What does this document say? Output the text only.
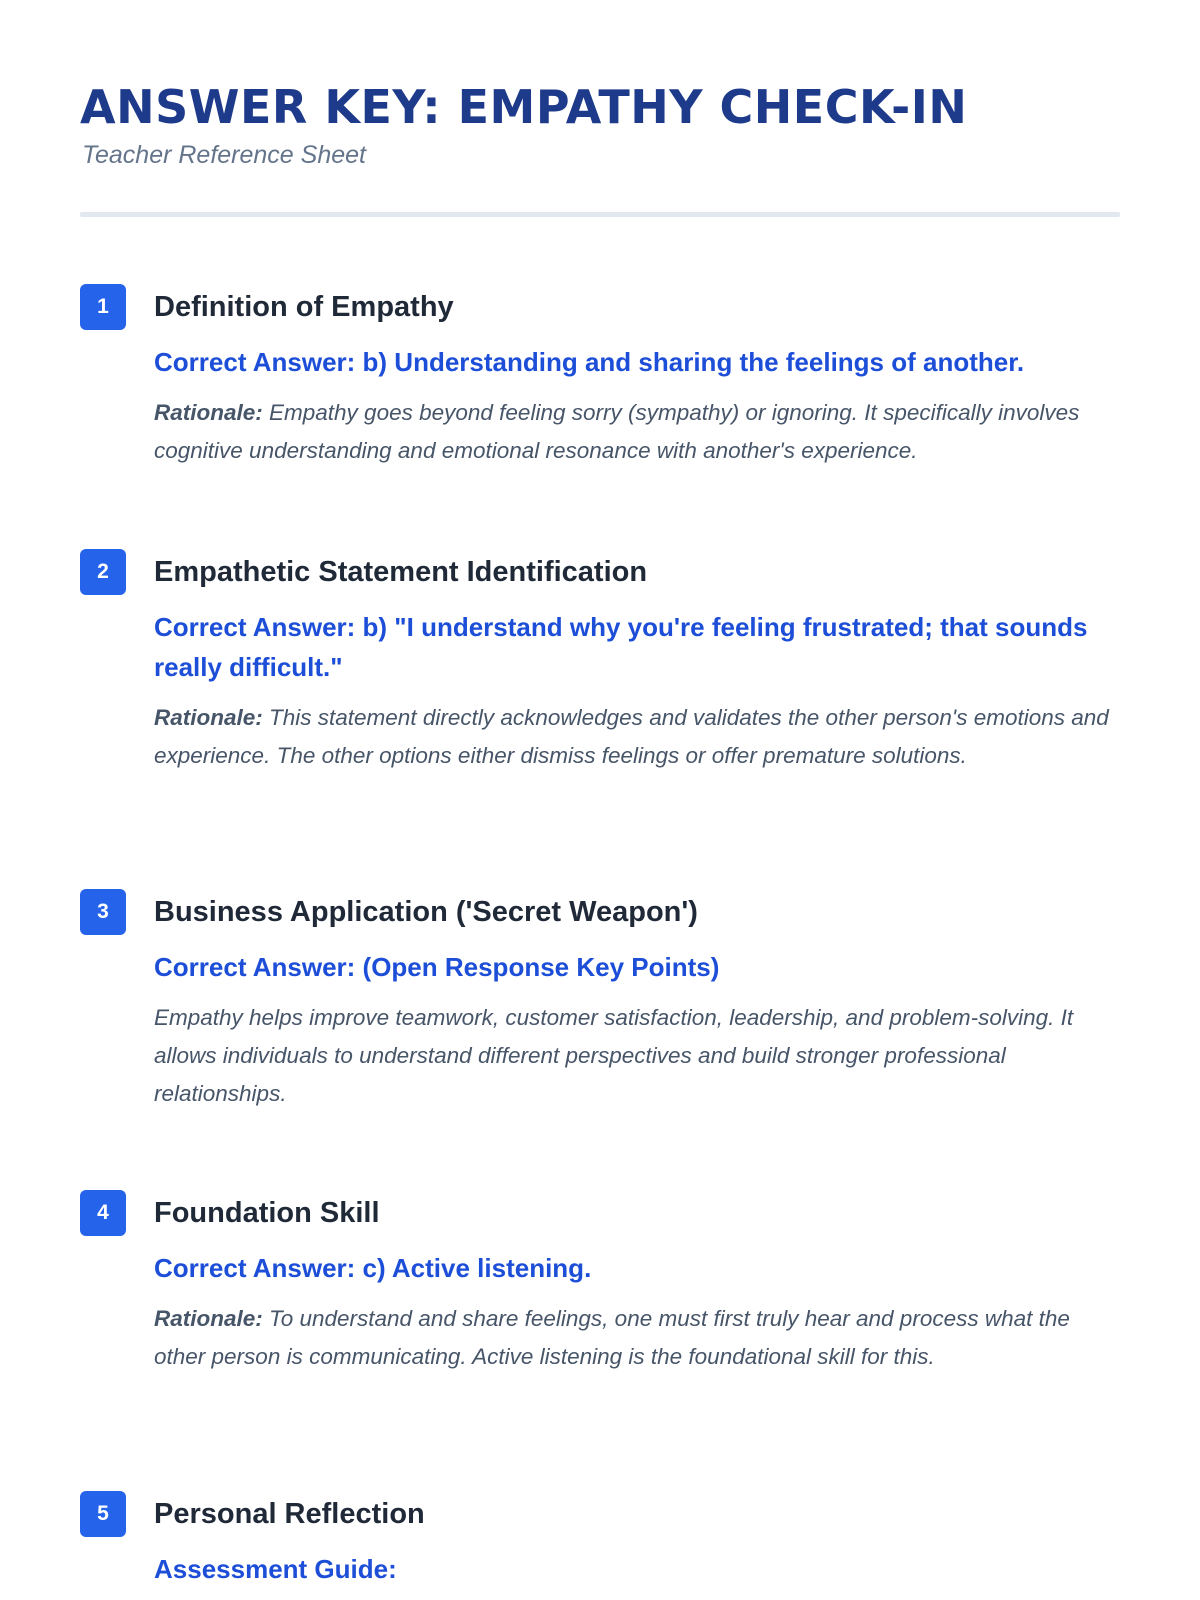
ANSWER KEY: EMPATHY CHECK-IN
Teacher Reference Sheet
1	Definition of Empathy
Correct Answer: b) Understanding and sharing the feelings of another.
Rationale: Empathy goes beyond feeling sorry (sympathy) or ignoring. It specifically involves cognitive understanding and emotional resonance with another's experience.
2	Empathetic Statement Identification
Correct Answer: b) "I understand why you're feeling frustrated; that sounds really difficult."
Rationale: This statement directly acknowledges and validates the other person's emotions and experience. The other options either dismiss feelings or offer premature solutions.
3	Business Application ('Secret Weapon')
Correct Answer: (Open Response Key Points)
Empathy helps improve teamwork, customer satisfaction, leadership, and problem-solving. It allows individuals to understand different perspectives and build stronger professional relationships.
4	Foundation Skill
Correct Answer: c) Active listening.
Rationale: To understand and share feelings, one must first truly hear and process what the other person is communicating. Active listening is the foundational skill for this.
5	Personal Reflection
Assessment Guide:
